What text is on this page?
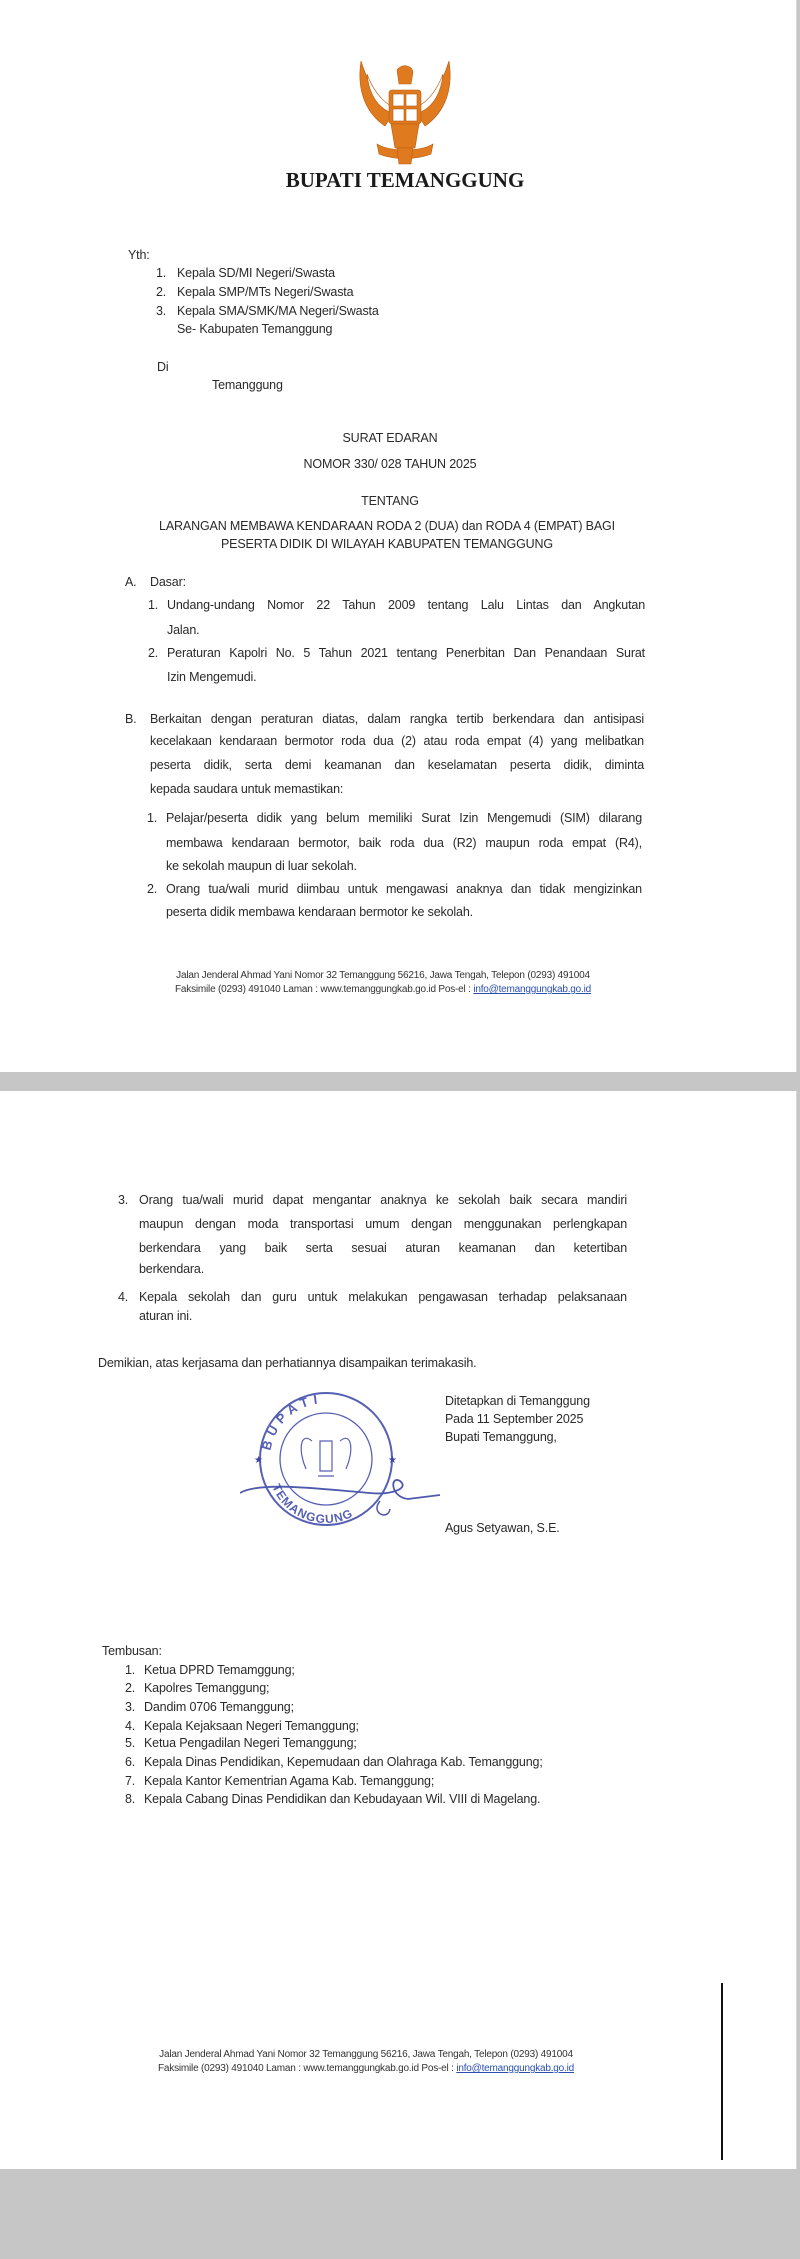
BUPATI TEMANGGUNG
Yth:
1. Kepala SD/MI Negeri/Swasta
2. Kepala SMP/MTs Negeri/Swasta
3. Kepala SMA/SMK/MA Negeri/Swasta
Se- Kabupaten Temanggung
Di
Temanggung
SURAT EDARAN
NOMOR 330/ 028 TAHUN 2025
TENTANG
LARANGAN MEMBAWA KENDARAAN RODA 2 (DUA) dan RODA 4 (EMPAT) BAGI
PESERTA DIDIK DI WILAYAH KABUPATEN TEMANGGUNG
A. Dasar:
1. Undang-undang Nomor 22 Tahun 2009 tentang Lalu Lintas dan Angkutan
Jalan.
2. Peraturan Kapolri No. 5 Tahun 2021 tentang Penerbitan Dan Penandaan Surat
Izin Mengemudi.
B. Berkaitan dengan peraturan diatas, dalam rangka tertib berkendara dan antisipasi
kecelakaan kendaraan bermotor roda dua (2) atau roda empat (4) yang melibatkan
peserta didik, serta demi keamanan dan keselamatan peserta didik, diminta
kepada saudara untuk memastikan:
1. Pelajar/peserta didik yang belum memiliki Surat Izin Mengemudi (SIM) dilarang
membawa kendaraan bermotor, baik roda dua (R2) maupun roda empat (R4),
ke sekolah maupun di luar sekolah.
2. Orang tua/wali murid diimbau untuk mengawasi anaknya dan tidak mengizinkan
peserta didik membawa kendaraan bermotor ke sekolah.
Jalan Jenderal Ahmad Yani Nomor 32 Temanggung 56216, Jawa Tengah, Telepon (0293) 491004
Faksimile (0293) 491040 Laman : www.temanggungkab.go.id Pos-el : info@temanggungkab.go.id
3. Orang tua/wali murid dapat mengantar anaknya ke sekolah baik secara mandiri
maupun dengan moda transportasi umum dengan menggunakan perlengkapan
berkendara yang baik serta sesuai aturan keamanan dan ketertiban
berkendara.
4. Kepala sekolah dan guru untuk melakukan pengawasan terhadap pelaksanaan
aturan ini.
Demikian, atas kerjasama dan perhatiannya disampaikan terimakasih.
BUPATI
TEMANGGUNG
★	★
Ditetapkan di Temanggung
Pada 11 September 2025
Bupati Temanggung,
Agus Setyawan, S.E.
Tembusan:
1. Ketua DPRD Temamggung;
2. Kapolres Temanggung;
3. Dandim 0706 Temanggung;
4. Kepala Kejaksaan Negeri Temanggung;
5. Ketua Pengadilan Negeri Temanggung;
6. Kepala Dinas Pendidikan, Kepemudaan dan Olahraga Kab. Temanggung;
7. Kepala Kantor Kementrian Agama Kab. Temanggung;
8. Kepala Cabang Dinas Pendidikan dan Kebudayaan Wil. VIII di Magelang.
Jalan Jenderal Ahmad Yani Nomor 32 Temanggung 56216, Jawa Tengah, Telepon (0293) 491004
Faksimile (0293) 491040 Laman : www.temanggungkab.go.id Pos-el : info@temanggungkab.go.id
